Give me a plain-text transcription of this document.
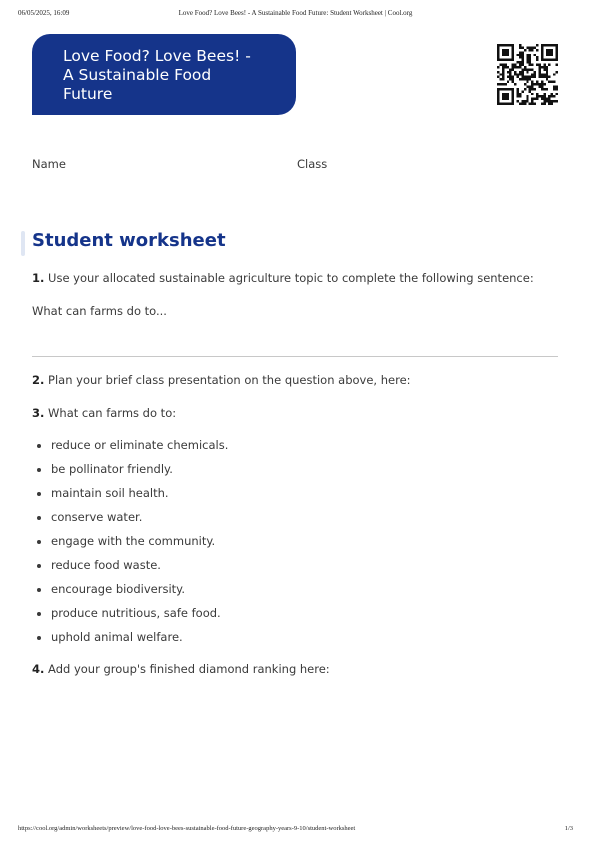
06/05/2025, 16:09	Love Food? Love Bees! - A Sustainable Food Future: Student Worksheet | Cool.org
Love Food? Love Bees! -
A Sustainable Food
Future
Name	Class
Student worksheet
1. Use your allocated sustainable agriculture topic to complete the following sentence:
What can farms do to...
2. Plan your brief class presentation on the question above, here:
3. What can farms do to:
reduce or eliminate chemicals.
be pollinator friendly.
maintain soil health.
conserve water.
engage with the community.
reduce food waste.
encourage biodiversity.
produce nutritious, safe food.
uphold animal welfare.
4. Add your group's finished diamond ranking here:
https://cool.org/admin/worksheets/preview/love-food-love-bees-sustainable-food-future-geography-years-9-10/student-worksheet	1/3
